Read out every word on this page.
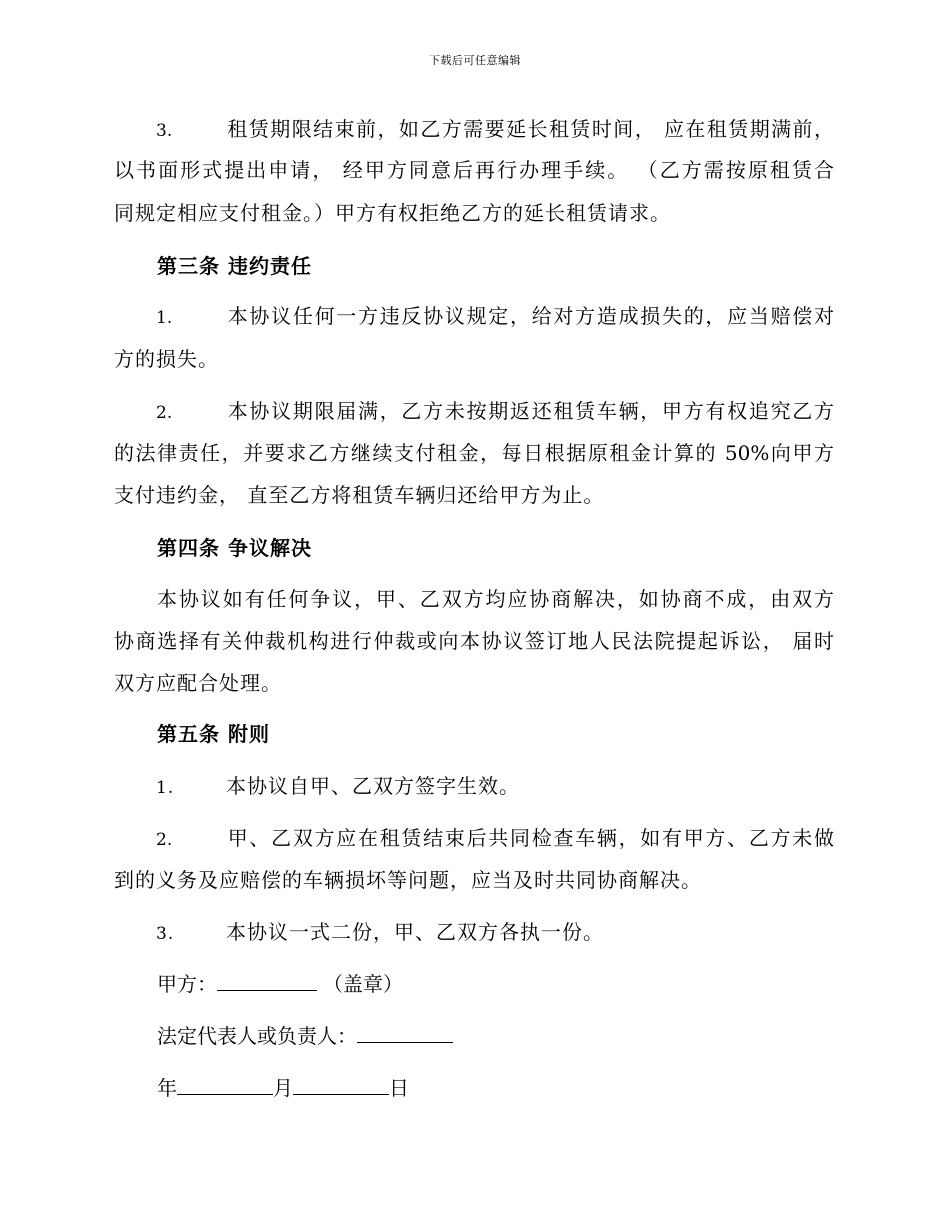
下载后可任意编辑
3.	租赁期限结束前，如乙方需要延长租赁时间， 应在租赁期满前，
以书面形式提出申请， 经甲方同意后再行办理手续。 （乙方需按原租赁合
同规定相应支付租金。）甲方有权拒绝乙方的延长租赁请求。
第三条 违约责任
1.	本协议任何一方违反协议规定，给对方造成损失的，应当赔偿对
方的损失。
2.	本协议期限届满，乙方未按期返还租赁车辆，甲方有权追究乙方
的法律责任，并要求乙方继续支付租金，每日根据原租金计算的 50%向甲方
支付违约金， 直至乙方将租赁车辆归还给甲方为止。
第四条 争议解决
本协议如有任何争议，甲、乙双方均应协商解决，如协商不成，由双方
协商选择有关仲裁机构进行仲裁或向本协议签订地人民法院提起诉讼， 届时
双方应配合处理。
第五条 附则
1.	本协议自甲、乙双方签字生效。
2.	甲、乙双方应在租赁结束后共同检查车辆，如有甲方、乙方未做
到的义务及应赔偿的车辆损坏等问题，应当及时共同协商解决。
3.	本协议一式二份，甲、乙双方各执一份。
甲方：	（盖章）
法定代表人或负责人：
年	月	日
